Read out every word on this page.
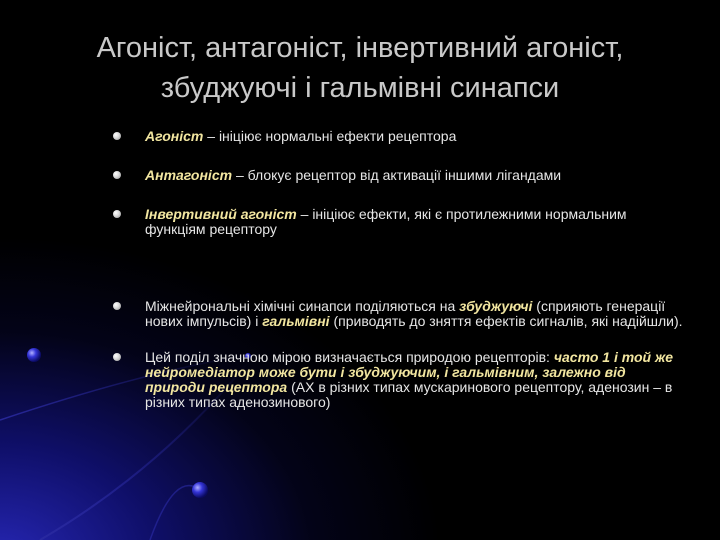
Агоніст, антагоніст, інвертивний агоніст,
збуджуючі і гальмівні синапси
Агоніст – ініціює нормальні ефекти рецептора
Антагоніст – блокує рецептор від активації іншими лігандами
Інвертивний агоніст – ініціює ефекти, які є протилежними нормальним функціям рецептору
Міжнейрональні хімічні синапси поділяються на збуджуючі (сприяють генерації нових імпульсів) і гальмівні (приводять до зняття ефектів сигналів, які надійшли).
Цей поділ значною мірою визначається природою рецепторів: часто 1 і той же нейромедіатор може бути і збуджуючим, і гальмівним, залежно від природи рецептора (АХ в різних типах мускаринового рецептору, аденозин – в різних типах аденозинового)
